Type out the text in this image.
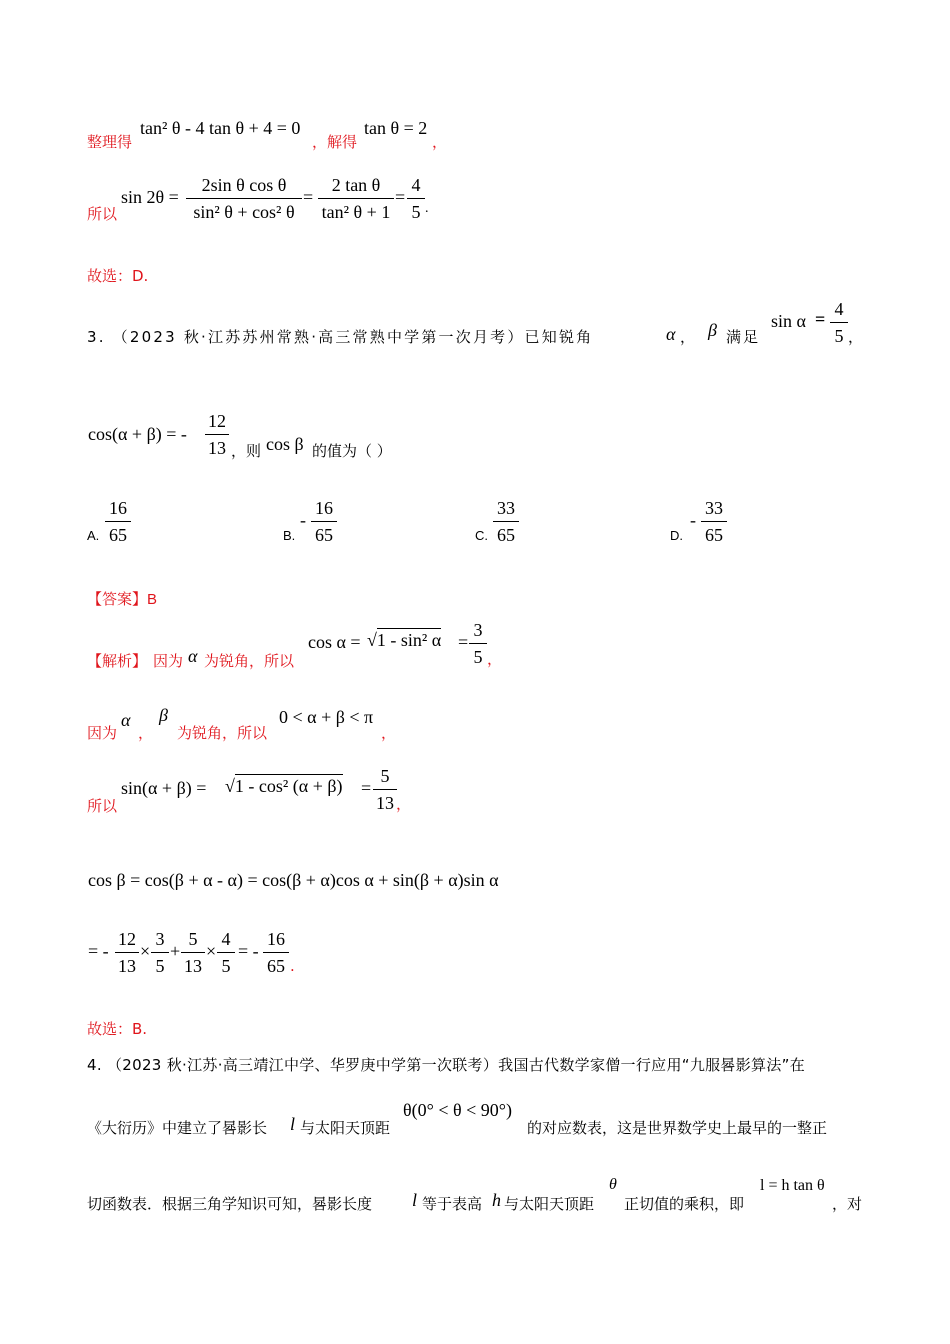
整理得
tan² θ - 4 tan θ + 4 = 0
，解得
tan θ = 2
，
所以
$\sin 2\theta = \frac{\text{2sin θ cos θ}}{\text{sin² θ + cos² θ}} = \frac{\text{2 tan θ}}{\text{tan² θ + 1}} = \frac{4}{5}$ .
故选：D.
3. （2023 秋·江苏苏州常熟·高三常熟中学第一次月考）已知锐角	α ， β 满足
$\sin \alpha = \frac{4}{5}$ ，
cos(α + β) = - $\frac{12}{13}$ ，则 cos β 的值为（ ）
A. $\frac{16}{65}$	B.
- $\frac{16}{65}$	C. $\frac{33}{65}$	D.
- $\frac{33}{65}$
【答案】B
【解析】 因为 α 为锐角，所以
cos α = √1 - sin² $\alpha = \frac{3}{5}$ ，
因为
α
，
β
为锐角，所以
0 < α + β < π
，
所以
sin(α + β) = √1 - cos² $(\alpha + \beta) = \frac{5}{13}$ ，
cos β = cos(β + α - α) = cos(β + α)cos α + sin(β + α)sin α
= - $\frac{12}{13} \times \frac{3}{5} + \frac{5}{13} \times \frac{4}{5}$ = - $\frac{16}{65}$ .
故选：B.
4. （2023 秋·江苏·高三靖江中学、华罗庚中学第一次联考）我国古代数学家僧一行应用“九服晷影算法”在
《大衍历》中建立了晷影长 l 与太阳天顶距
θ(0° < θ < 90°)
的对应数表，这是世界数学史上最早的一整正
切函数表．根据三角学知识可知，晷影长度 l 等于表高 h 与太阳天顶距
θ
正切值的乘积，即
l = h tan θ
，对
